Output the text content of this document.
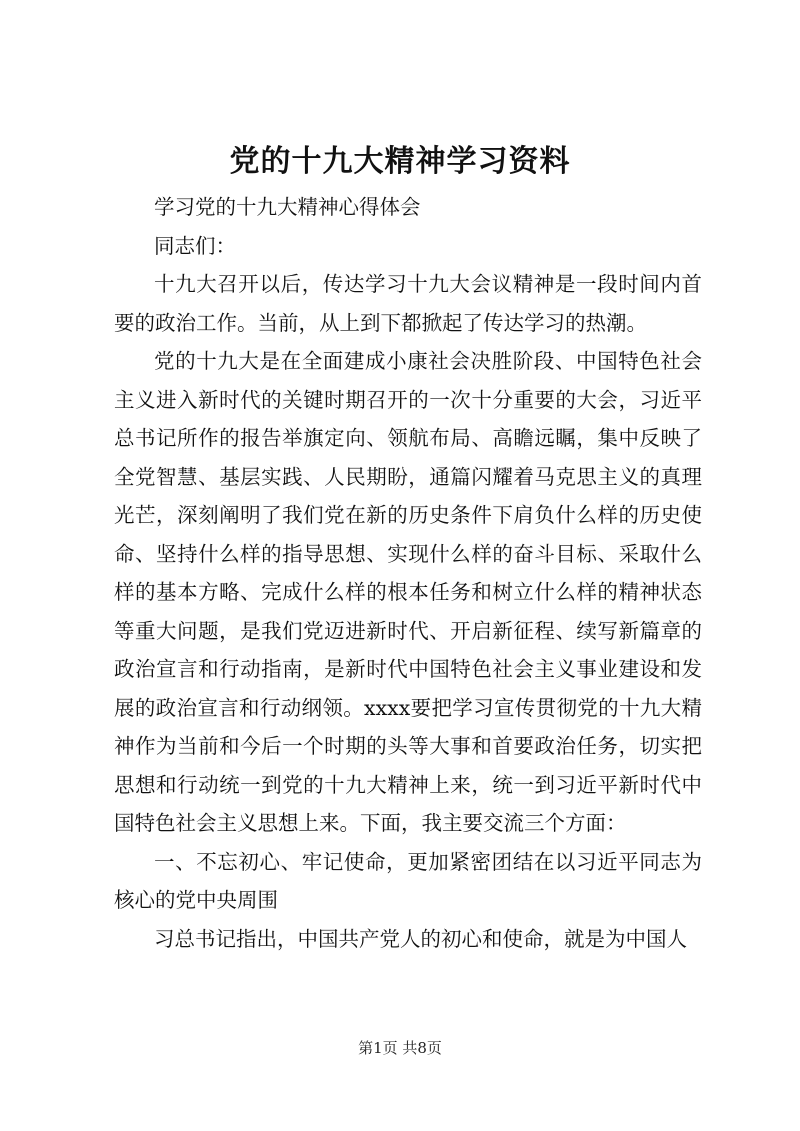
党的十九大精神学习资料

学习党的十九大精神心得体会

同志们：

十九大召开以后，传达学习十九大会议精神是一段时间内首要的政治工作。当前，从上到下都掀起了传达学习的热潮。

党的十九大是在全面建成小康社会决胜阶段、中国特色社会主义进入新时代的关键时期召开的一次十分重要的大会，习近平总书记所作的报告举旗定向、领航布局、高瞻远瞩，集中反映了全党智慧、基层实践、人民期盼，通篇闪耀着马克思主义的真理光芒，深刻阐明了我们党在新的历史条件下肩负什么样的历史使命、坚持什么样的指导思想、实现什么样的奋斗目标、采取什么样的基本方略、完成什么样的根本任务和树立什么样的精神状态等重大问题，是我们党迈进新时代、开启新征程、续写新篇章的政治宣言和行动指南，是新时代中国特色社会主义事业建设和发展的政治宣言和行动纲领。xxxx要把学习宣传贯彻党的十九大精神作为当前和今后一个时期的头等大事和首要政治任务，切实把思想和行动统一到党的十九大精神上来，统一到习近平新时代中国特色社会主义思想上来。下面，我主要交流三个方面：

一、不忘初心、牢记使命，更加紧密团结在以习近平同志为核心的党中央周围

习总书记指出，中国共产党人的初心和使命，就是为中国人

第1页 共8页
